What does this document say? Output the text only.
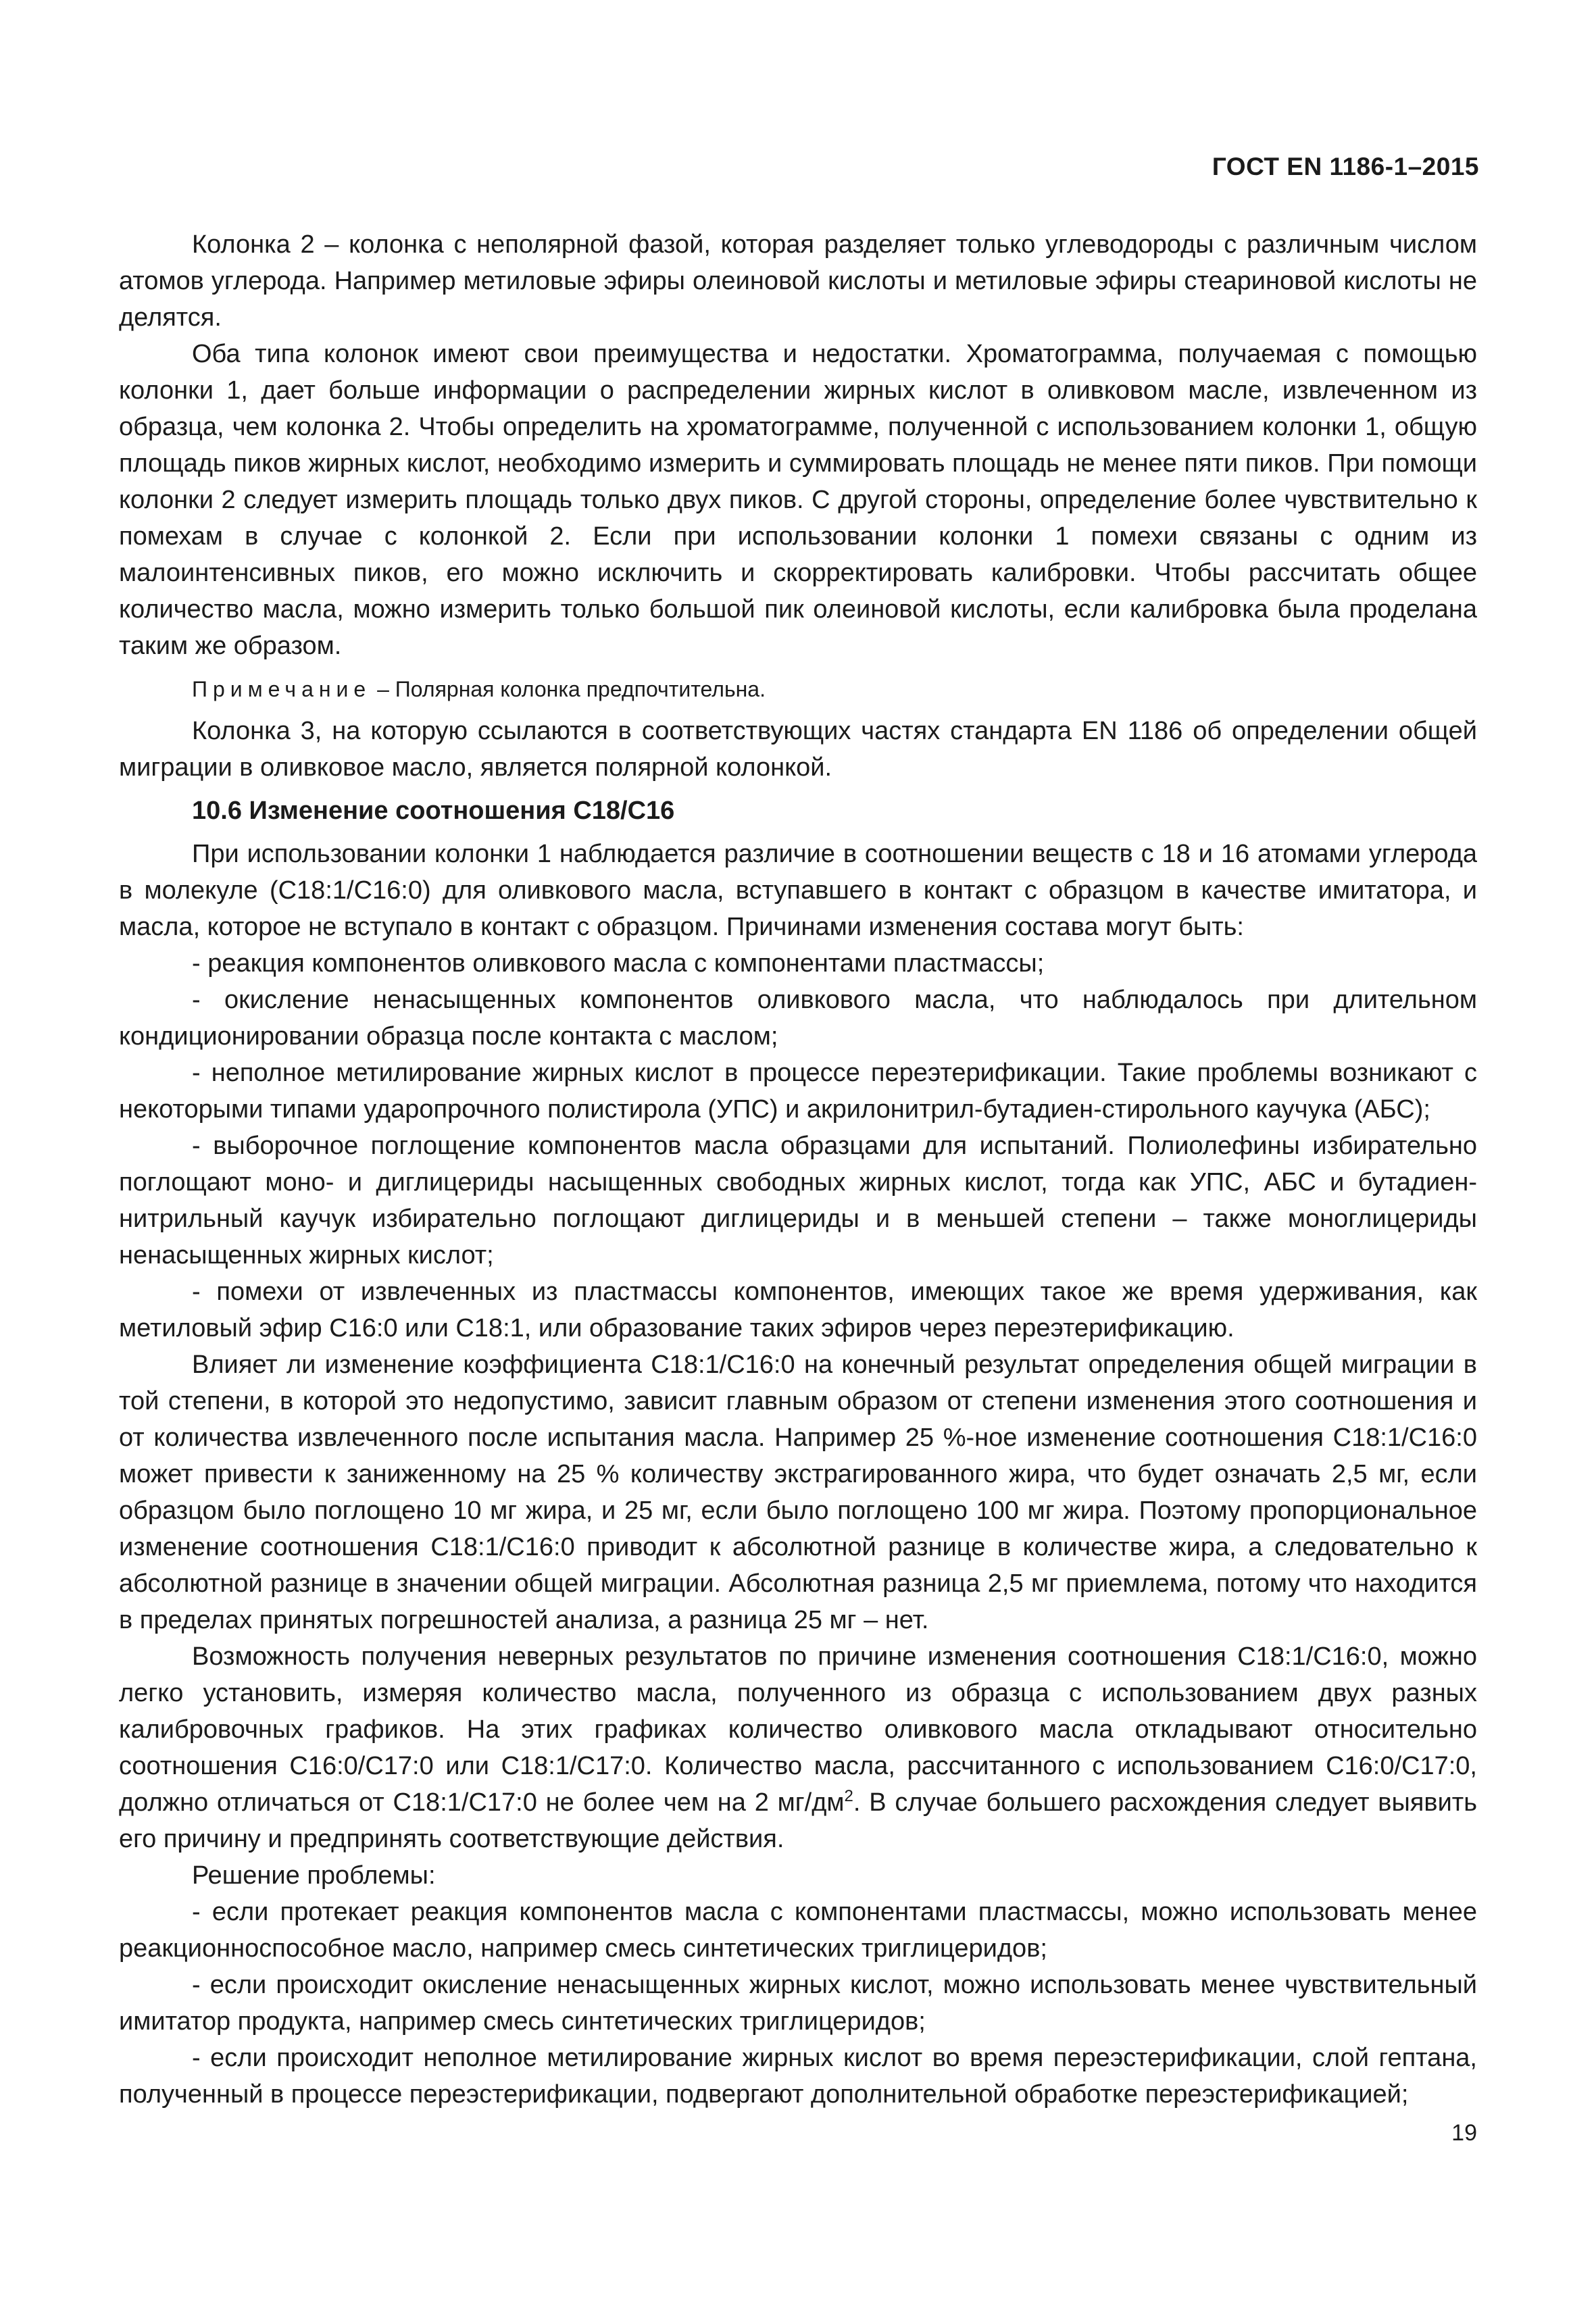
ГОСТ EN 1186-1–2015

Колонка 2 – колонка с неполярной фазой, которая разделяет только углеводороды с различным числом атомов углерода. Например метиловые эфиры олеиновой кислоты и метиловые эфиры стеариновой кислоты не делятся.

Оба типа колонок имеют свои преимущества и недостатки. Хроматограмма, получаемая с помощью колонки 1, дает больше информации о распределении жирных кислот в оливковом масле, извлеченном из образца, чем колонка 2. Чтобы определить на хроматограмме, полученной с использованием колонки 1, общую площадь пиков жирных кислот, необходимо измерить и суммировать площадь не менее пяти пиков. При помощи колонки 2 следует измерить площадь только двух пиков. С другой стороны, определение более чувствительно к помехам в случае с колонкой 2. Если при использовании колонки 1 помехи связаны с одним из малоинтенсивных пиков, его можно исключить и скорректировать калибровки. Чтобы рассчитать общее количество масла, можно измерить только большой пик олеиновой кислоты, если калибровка была проделана таким же образом.

Примечание – Полярная колонка предпочтительна.

Колонка 3, на которую ссылаются в соответствующих частях стандарта EN 1186 об определении общей миграции в оливковое масло, является полярной колонкой.

10.6 Изменение соотношения С18/С16

При использовании колонки 1 наблюдается различие в соотношении веществ с 18 и 16 атомами углерода в молекуле (С18:1/С16:0) для оливкового масла, вступавшего в контакт с образцом в качестве имитатора, и масла, которое не вступало в контакт с образцом. Причинами изменения состава могут быть:

- реакция компонентов оливкового масла с компонентами пластмассы;

- окисление ненасыщенных компонентов оливкового масла, что наблюдалось при длительном кондиционировании образца после контакта с маслом;

- неполное метилирование жирных кислот в процессе переэтерификации. Такие проблемы возникают с некоторыми типами ударопрочного полистирола (УПС) и акрилонитрил-бутадиен-стирольного каучука (АБС);

- выборочное поглощение компонентов масла образцами для испытаний. Полиолефины избирательно поглощают моно- и диглицериды насыщенных свободных жирных кислот, тогда как УПС, АБС и бутадиен-нитрильный каучук избирательно поглощают диглицериды и в меньшей степени – также моноглицериды ненасыщенных жирных кислот;

- помехи от извлеченных из пластмассы компонентов, имеющих такое же время удерживания, как метиловый эфир С16:0 или С18:1, или образование таких эфиров через переэтерификацию.

Влияет ли изменение коэффициента С18:1/С16:0 на конечный результат определения общей миграции в той степени, в которой это недопустимо, зависит главным образом от степени изменения этого соотношения и от количества извлеченного после испытания масла. Например 25 %-ное изменение соотношения С18:1/С16:0 может привести к заниженному на 25 % количеству экстрагированного жира, что будет означать 2,5 мг, если образцом было поглощено 10 мг жира, и 25 мг, если было поглощено 100 мг жира. Поэтому пропорциональное изменение соотношения С18:1/С16:0 приводит к абсолютной разнице в количестве жира, а следовательно к абсолютной разнице в значении общей миграции. Абсолютная разница 2,5 мг приемлема, потому что находится в пределах принятых погрешностей анализа, а разница 25 мг – нет.

Возможность получения неверных результатов по причине изменения соотношения С18:1/С16:0, можно легко установить, измеряя количество масла, полученного из образца с использованием двух разных калибровочных графиков. На этих графиках количество оливкового масла откладывают относительно соотношения С16:0/С17:0 или С18:1/С17:0. Количество масла, рассчитанного с использованием С16:0/С17:0, должно отличаться от С18:1/С17:0 не более чем на 2 $мг/дм^2$. В случае большего расхождения следует выявить его причину и предпринять соответствующие действия.

Решение проблемы:

- если протекает реакция компонентов масла с компонентами пластмассы, можно использовать менее реакционноспособное масло, например смесь синтетических триглицеридов;

- если происходит окисление ненасыщенных жирных кислот, можно использовать менее чувствительный имитатор продукта, например смесь синтетических триглицеридов;

- если происходит неполное метилирование жирных кислот во время переэстерификации, слой гептана, полученный в процессе переэстерификации, подвергают дополнительной обработке переэстерификацией;

19
